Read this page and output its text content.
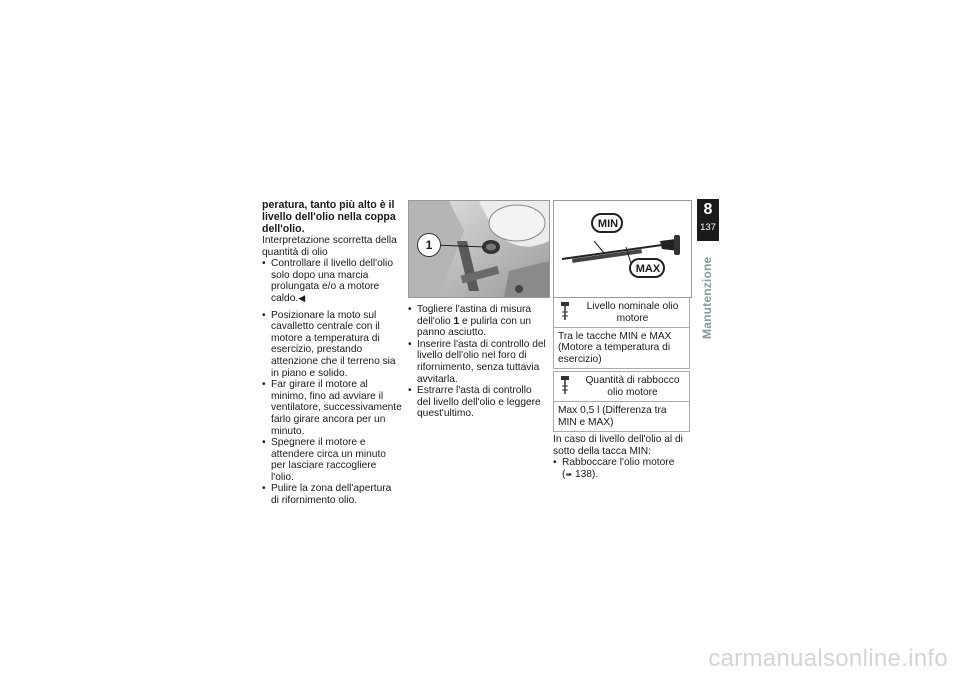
peratura, tanto più alto è il livello dell'olio nella coppa dell'olio.
Interpretazione scorretta della quantità di olio
• Controllare il livello dell'olio solo dopo una marcia prolungata e/o a motore caldo.◀
• Posizionare la moto sul cavalletto centrale con il motore a temperatura di esercizio, prestando attenzione che il terreno sia in piano e solido.
• Far girare il motore al minimo, fino ad avviare il ventilatore, successivamente farlo girare ancora per un minuto.
• Spegnere il motore e attendere circa un minuto per lasciare raccogliere l'olio.
• Pulire la zona dell'apertura di rifornimento olio.
1
• Togliere l'astina di misura dell'olio 1 e pulirla con un panno asciutto.
• Inserire l'asta di controllo del livello dell'olio nel foro di rifornimento, senza tuttavia avvitarla.
• Estrarre l'asta di controllo del livello dell'olio e leggere quest'ultimo.
MIN
MAX
Livello nominale olio motore
Tra le tacche MIN e MAX (Motore a temperatura di esercizio)
Quantità di rabbocco olio motore
Max 0,5 l (Differenza tra MIN e MAX)
In caso di livello dell'olio al di sotto della tacca MIN:
• Rabboccare l'olio motore
(➠ 138).
8
137
Manutenzione
carmanualsonline.info
